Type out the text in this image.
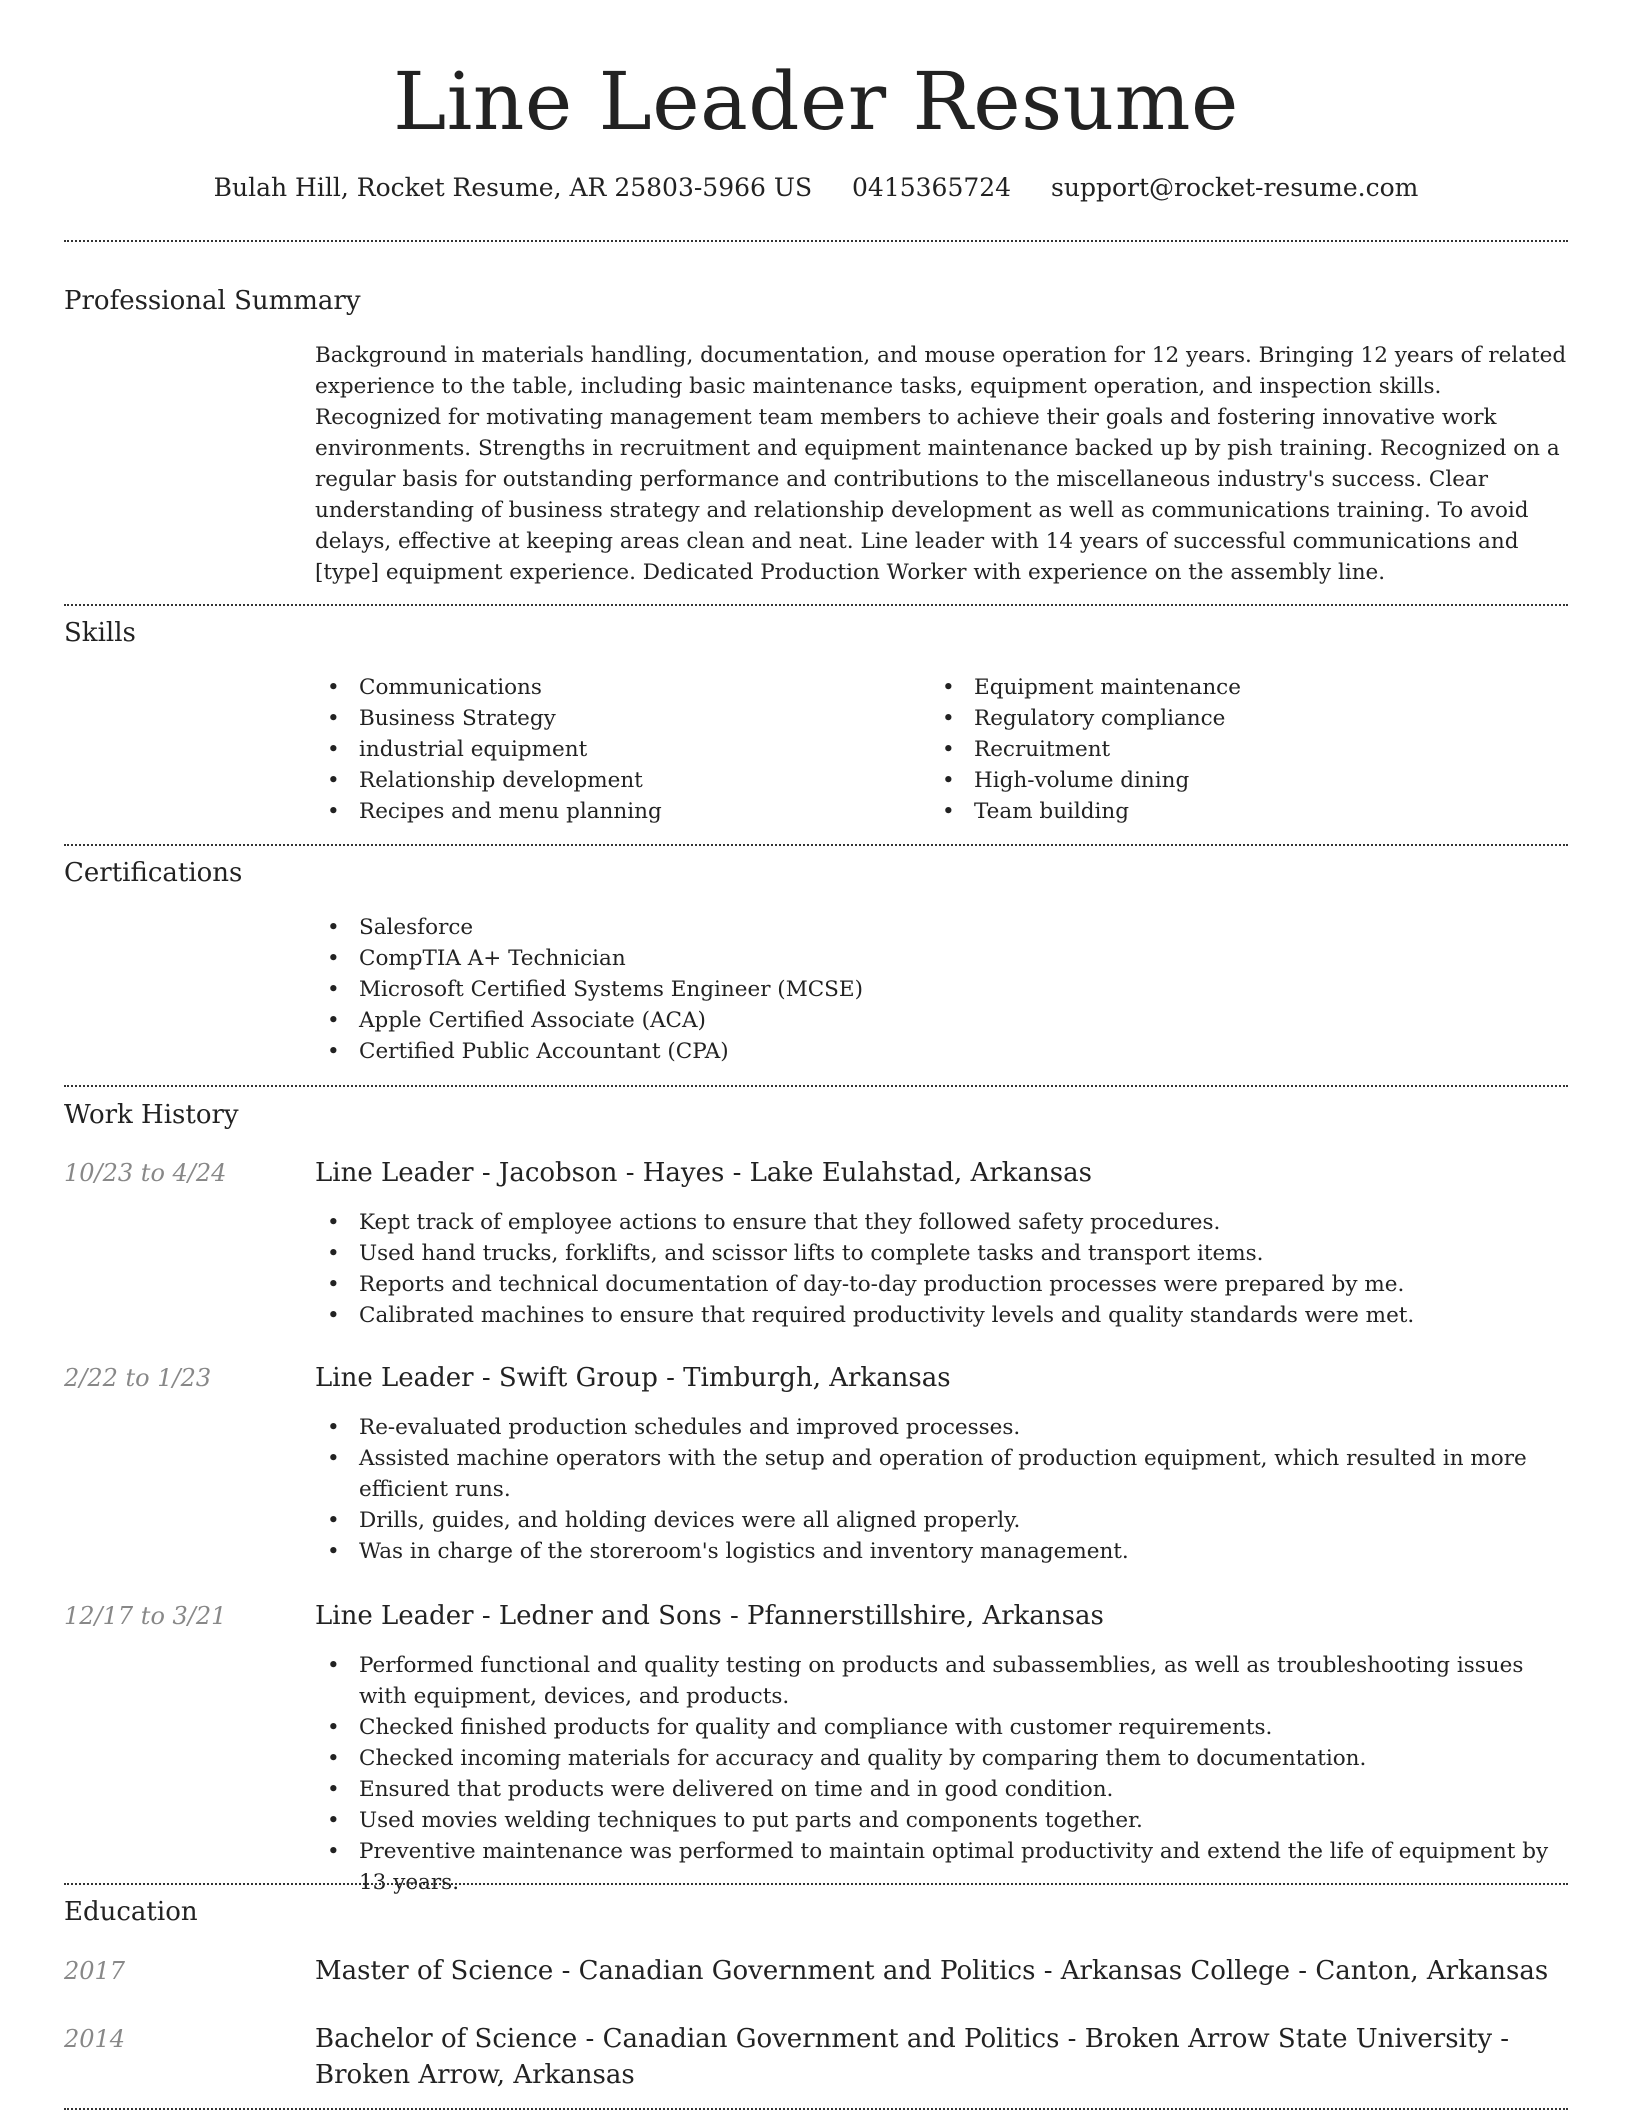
Line Leader Resume
Bulah Hill, Rocket Resume, AR 25803-5966 US 0415365724 support@rocket-resume.com
Professional Summary
Background in materials handling, documentation, and mouse operation for 12 years. Bringing 12 years of related experience to the table, including basic maintenance tasks, equipment operation, and inspection skills. Recognized for motivating management team members to achieve their goals and fostering innovative work environments. Strengths in recruitment and equipment maintenance backed up by pish training. Recognized on a regular basis for outstanding performance and contributions to the miscellaneous industry's success. Clear understanding of business strategy and relationship development as well as communications training. To avoid delays, effective at keeping areas clean and neat. Line leader with 14 years of successful communications and [type] equipment experience. Dedicated Production Worker with experience on the assembly line.
Skills
• Communications
• Business Strategy
• industrial equipment
• Relationship development
• Recipes and menu planning
• Equipment maintenance
• Regulatory compliance
• Recruitment
• High-volume dining
• Team building
Certifications
• Salesforce
• CompTIA A+ Technician
• Microsoft Certified Systems Engineer (MCSE)
• Apple Certified Associate (ACA)
• Certified Public Accountant (CPA)
Work History
10/23 to 4/24	Line Leader - Jacobson - Hayes - Lake Eulahstad, Arkansas
• Kept track of employee actions to ensure that they followed safety procedures.
• Used hand trucks, forklifts, and scissor lifts to complete tasks and transport items.
• Reports and technical documentation of day-to-day production processes were prepared by me.
• Calibrated machines to ensure that required productivity levels and quality standards were met.
2/22 to 1/23	Line Leader - Swift Group - Timburgh, Arkansas
• Re-evaluated production schedules and improved processes.
• Assisted machine operators with the setup and operation of production equipment, which resulted in more efficient runs.
• Drills, guides, and holding devices were all aligned properly.
• Was in charge of the storeroom's logistics and inventory management.
12/17 to 3/21	Line Leader - Ledner and Sons - Pfannerstillshire, Arkansas
• Performed functional and quality testing on products and subassemblies, as well as troubleshooting issues with equipment, devices, and products.
• Checked finished products for quality and compliance with customer requirements.
• Checked incoming materials for accuracy and quality by comparing them to documentation.
• Ensured that products were delivered on time and in good condition.
• Used movies welding techniques to put parts and components together.
• Preventive maintenance was performed to maintain optimal productivity and extend the life of equipment by 13 years.
Education
2017	Master of Science - Canadian Government and Politics - Arkansas College - Canton, Arkansas
2014	Bachelor of Science - Canadian Government and Politics - Broken Arrow State University - Broken Arrow, Arkansas
